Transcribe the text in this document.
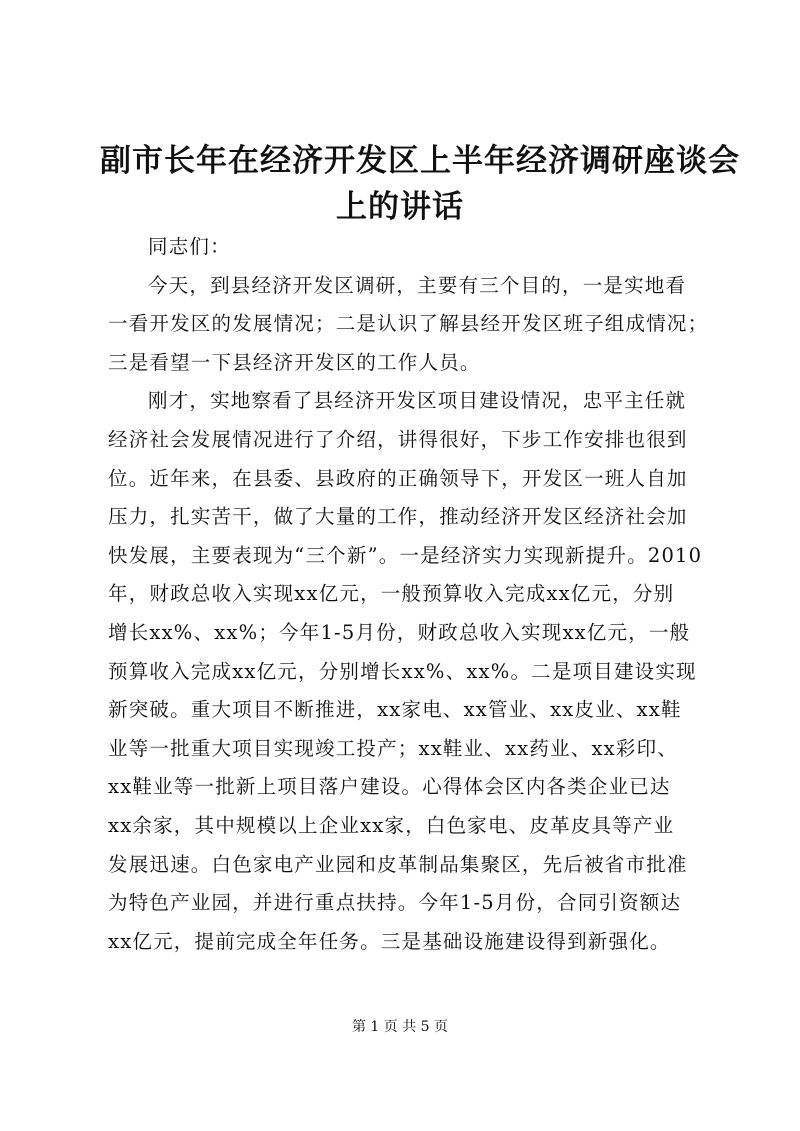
副市长年在经济开发区上半年经济调研座谈会
上的讲话
同志们：
今天，到县经济开发区调研，主要有三个目的，一是实地看
一看开发区的发展情况；二是认识了解县经开发区班子组成情况；
三是看望一下县经济开发区的工作人员。
刚才，实地察看了县经济开发区项目建设情况，忠平主任就
经济社会发展情况进行了介绍，讲得很好，下步工作安排也很到
位。近年来，在县委、县政府的正确领导下，开发区一班人自加
压力，扎实苦干，做了大量的工作，推动经济开发区经济社会加
快发展，主要表现为“三个新”。一是经济实力实现新提升。2010
年，财政总收入实现xx亿元，一般预算收入完成xx亿元，分别
增长xx%、xx%；今年1-5月份，财政总收入实现xx亿元，一般
预算收入完成xx亿元，分别增长xx%、xx%。二是项目建设实现
新突破。重大项目不断推进，xx家电、xx管业、xx皮业、xx鞋
业等一批重大项目实现竣工投产；xx鞋业、xx药业、xx彩印、
xx鞋业等一批新上项目落户建设。心得体会区内各类企业已达
xx余家，其中规模以上企业xx家，白色家电、皮革皮具等产业
发展迅速。白色家电产业园和皮革制品集聚区，先后被省市批准
为特色产业园，并进行重点扶持。今年1-5月份，合同引资额达
xx亿元，提前完成全年任务。三是基础设施建设得到新强化。
第 1 页 共 5 页
